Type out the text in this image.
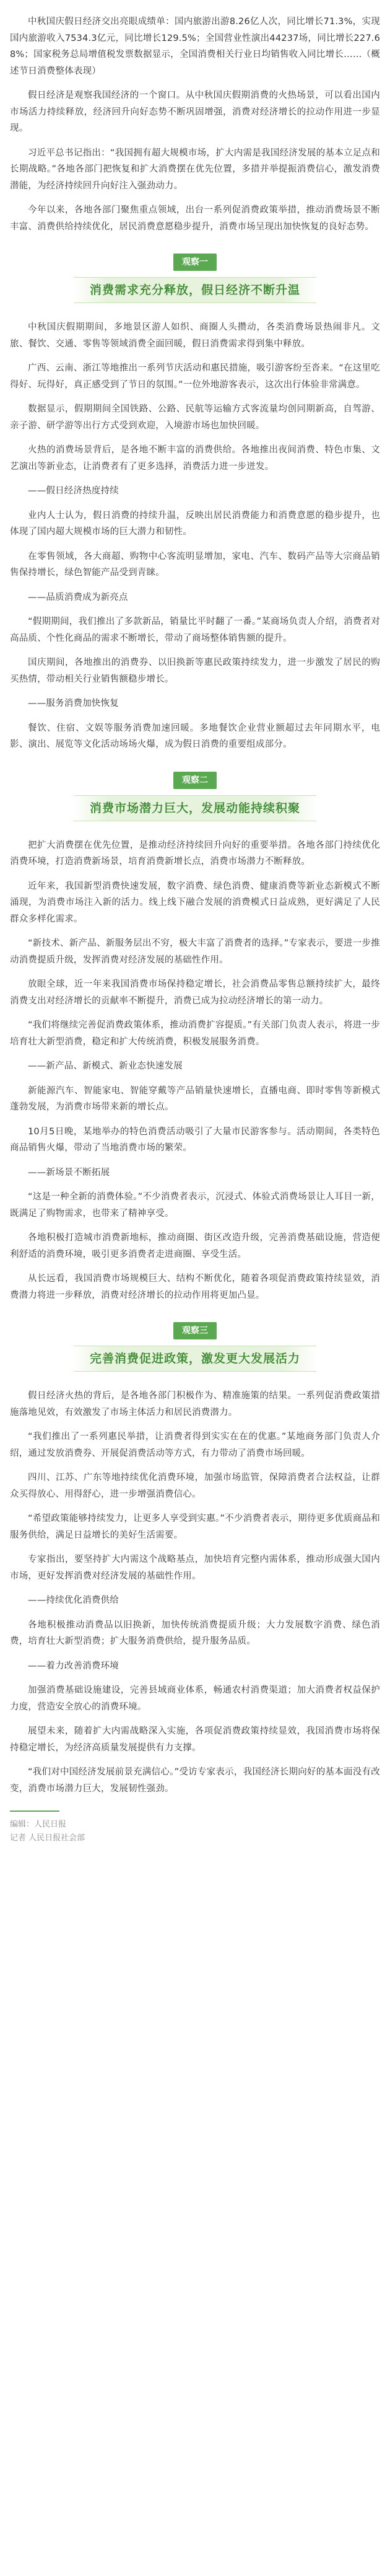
中秋国庆假日经济交出亮眼成绩单：国内旅游出游8.26亿人次，同比增长71.3%，实现国内旅游收入7534.3亿元，同比增长129.5%；全国营业性演出44237场，同比增长227.68%；国家税务总局增值税发票数据显示，全国消费相关行业日均销售收入同比增长……（概述节日消费整体表现）

假日经济是观察我国经济的一个窗口。从中秋国庆假期消费的火热场景，可以看出国内市场活力持续释放，经济回升向好态势不断巩固增强，消费对经济增长的拉动作用进一步显现。

习近平总书记指出：“我国拥有超大规模市场，扩大内需是我国经济发展的基本立足点和长期战略。”各地各部门把恢复和扩大消费摆在优先位置，多措并举提振消费信心，激发消费潜能，为经济持续回升向好注入强劲动力。

今年以来，各地各部门聚焦重点领域，出台一系列促消费政策举措，推动消费场景不断丰富、消费供给持续优化，居民消费意愿稳步提升，消费市场呈现出加快恢复的良好态势。

观察一
消费需求充分释放，假日经济不断升温

中秋国庆假期期间，多地景区游人如织、商圈人头攒动，各类消费场景热闹非凡。文旅、餐饮、交通、零售等领域消费全面回暖，假日消费需求得到集中释放。

广西、云南、浙江等地推出一系列节庆活动和惠民措施，吸引游客纷至沓来。“在这里吃得好、玩得好，真正感受到了节日的氛围。”一位外地游客表示，这次出行体验非常满意。

数据显示，假期期间全国铁路、公路、民航等运输方式客流量均创同期新高，自驾游、亲子游、研学游等出行方式受到欢迎，入境游市场也加快回暖。

火热的消费场景背后，是各地不断丰富的消费供给。各地推出夜间消费、特色市集、文艺演出等新业态，让消费者有了更多选择，消费活力进一步迸发。

——假日经济热度持续

业内人士认为，假日消费的持续升温，反映出居民消费能力和消费意愿的稳步提升，也体现了国内超大规模市场的巨大潜力和韧性。

在零售领域，各大商超、购物中心客流明显增加，家电、汽车、数码产品等大宗商品销售保持增长，绿色智能产品受到青睐。

——品质消费成为新亮点

“假期期间，我们推出了多款新品，销量比平时翻了一番。”某商场负责人介绍，消费者对高品质、个性化商品的需求不断增长，带动了商场整体销售额的提升。

国庆期间，各地推出的消费券、以旧换新等惠民政策持续发力，进一步激发了居民的购买热情，带动相关行业销售额稳步增长。

——服务消费加快恢复

餐饮、住宿、文娱等服务消费加速回暖。多地餐饮企业营业额超过去年同期水平，电影、演出、展览等文化活动场场火爆，成为假日消费的重要组成部分。

观察二
消费市场潜力巨大，发展动能持续积聚

把扩大消费摆在优先位置，是推动经济持续回升向好的重要举措。各地各部门持续优化消费环境，打造消费新场景，培育消费新增长点，消费市场潜力不断释放。

近年来，我国新型消费快速发展，数字消费、绿色消费、健康消费等新业态新模式不断涌现，为消费市场注入新的活力。线上线下融合发展的消费模式日益成熟，更好满足了人民群众多样化需求。

“新技术、新产品、新服务层出不穷，极大丰富了消费者的选择。”专家表示，要进一步推动消费提质升级，发挥消费对经济发展的基础性作用。

放眼全球，近一年来我国消费市场保持稳定增长，社会消费品零售总额持续扩大，最终消费支出对经济增长的贡献率不断提升，消费已成为拉动经济增长的第一动力。

“我们将继续完善促消费政策体系，推动消费扩容提质。”有关部门负责人表示，将进一步培育壮大新型消费，稳定和扩大传统消费，积极发展服务消费。

——新产品、新模式、新业态快速发展

新能源汽车、智能家电、智能穿戴等产品销量快速增长，直播电商、即时零售等新模式蓬勃发展，为消费市场带来新的增长点。

10月5日晚，某地举办的特色消费活动吸引了大量市民游客参与。活动期间，各类特色商品销售火爆，带动了当地消费市场的繁荣。

——新场景不断拓展

“这是一种全新的消费体验。”不少消费者表示，沉浸式、体验式消费场景让人耳目一新，既满足了购物需求，也带来了精神享受。

各地积极打造城市消费新地标，推动商圈、街区改造升级，完善消费基础设施，营造便利舒适的消费环境，吸引更多消费者走进商圈、享受生活。

从长远看，我国消费市场规模巨大、结构不断优化，随着各项促消费政策持续显效，消费潜力将进一步释放，消费对经济增长的拉动作用将更加凸显。

观察三
完善消费促进政策，激发更大发展活力

假日经济火热的背后，是各地各部门积极作为、精准施策的结果。一系列促消费政策措施落地见效，有效激发了市场主体活力和居民消费潜力。

“我们推出了一系列惠民举措，让消费者得到实实在在的优惠。”某地商务部门负责人介绍，通过发放消费券、开展促消费活动等方式，有力带动了消费市场回暖。

四川、江苏、广东等地持续优化消费环境，加强市场监管，保障消费者合法权益，让群众买得放心、用得舒心，进一步增强消费信心。

“希望政策能够持续发力，让更多人享受到实惠。”不少消费者表示，期待更多优质商品和服务供给，满足日益增长的美好生活需要。

专家指出，要坚持扩大内需这个战略基点，加快培育完整内需体系，推动形成强大国内市场，更好发挥消费对经济发展的基础性作用。

——持续优化消费供给

各地积极推动消费品以旧换新，加快传统消费提质升级；大力发展数字消费、绿色消费，培育壮大新型消费；扩大服务消费供给，提升服务品质。

——着力改善消费环境

加强消费基础设施建设，完善县域商业体系，畅通农村消费渠道；加大消费者权益保护力度，营造安全放心的消费环境。

展望未来，随着扩大内需战略深入实施，各项促消费政策持续显效，我国消费市场将保持稳定增长，为经济高质量发展提供有力支撑。

“我们对中国经济发展前景充满信心。”受访专家表示，我国经济长期向好的基本面没有改变，消费市场潜力巨大，发展韧性强劲。

编辑：人民日报

记者 人民日报社会部
